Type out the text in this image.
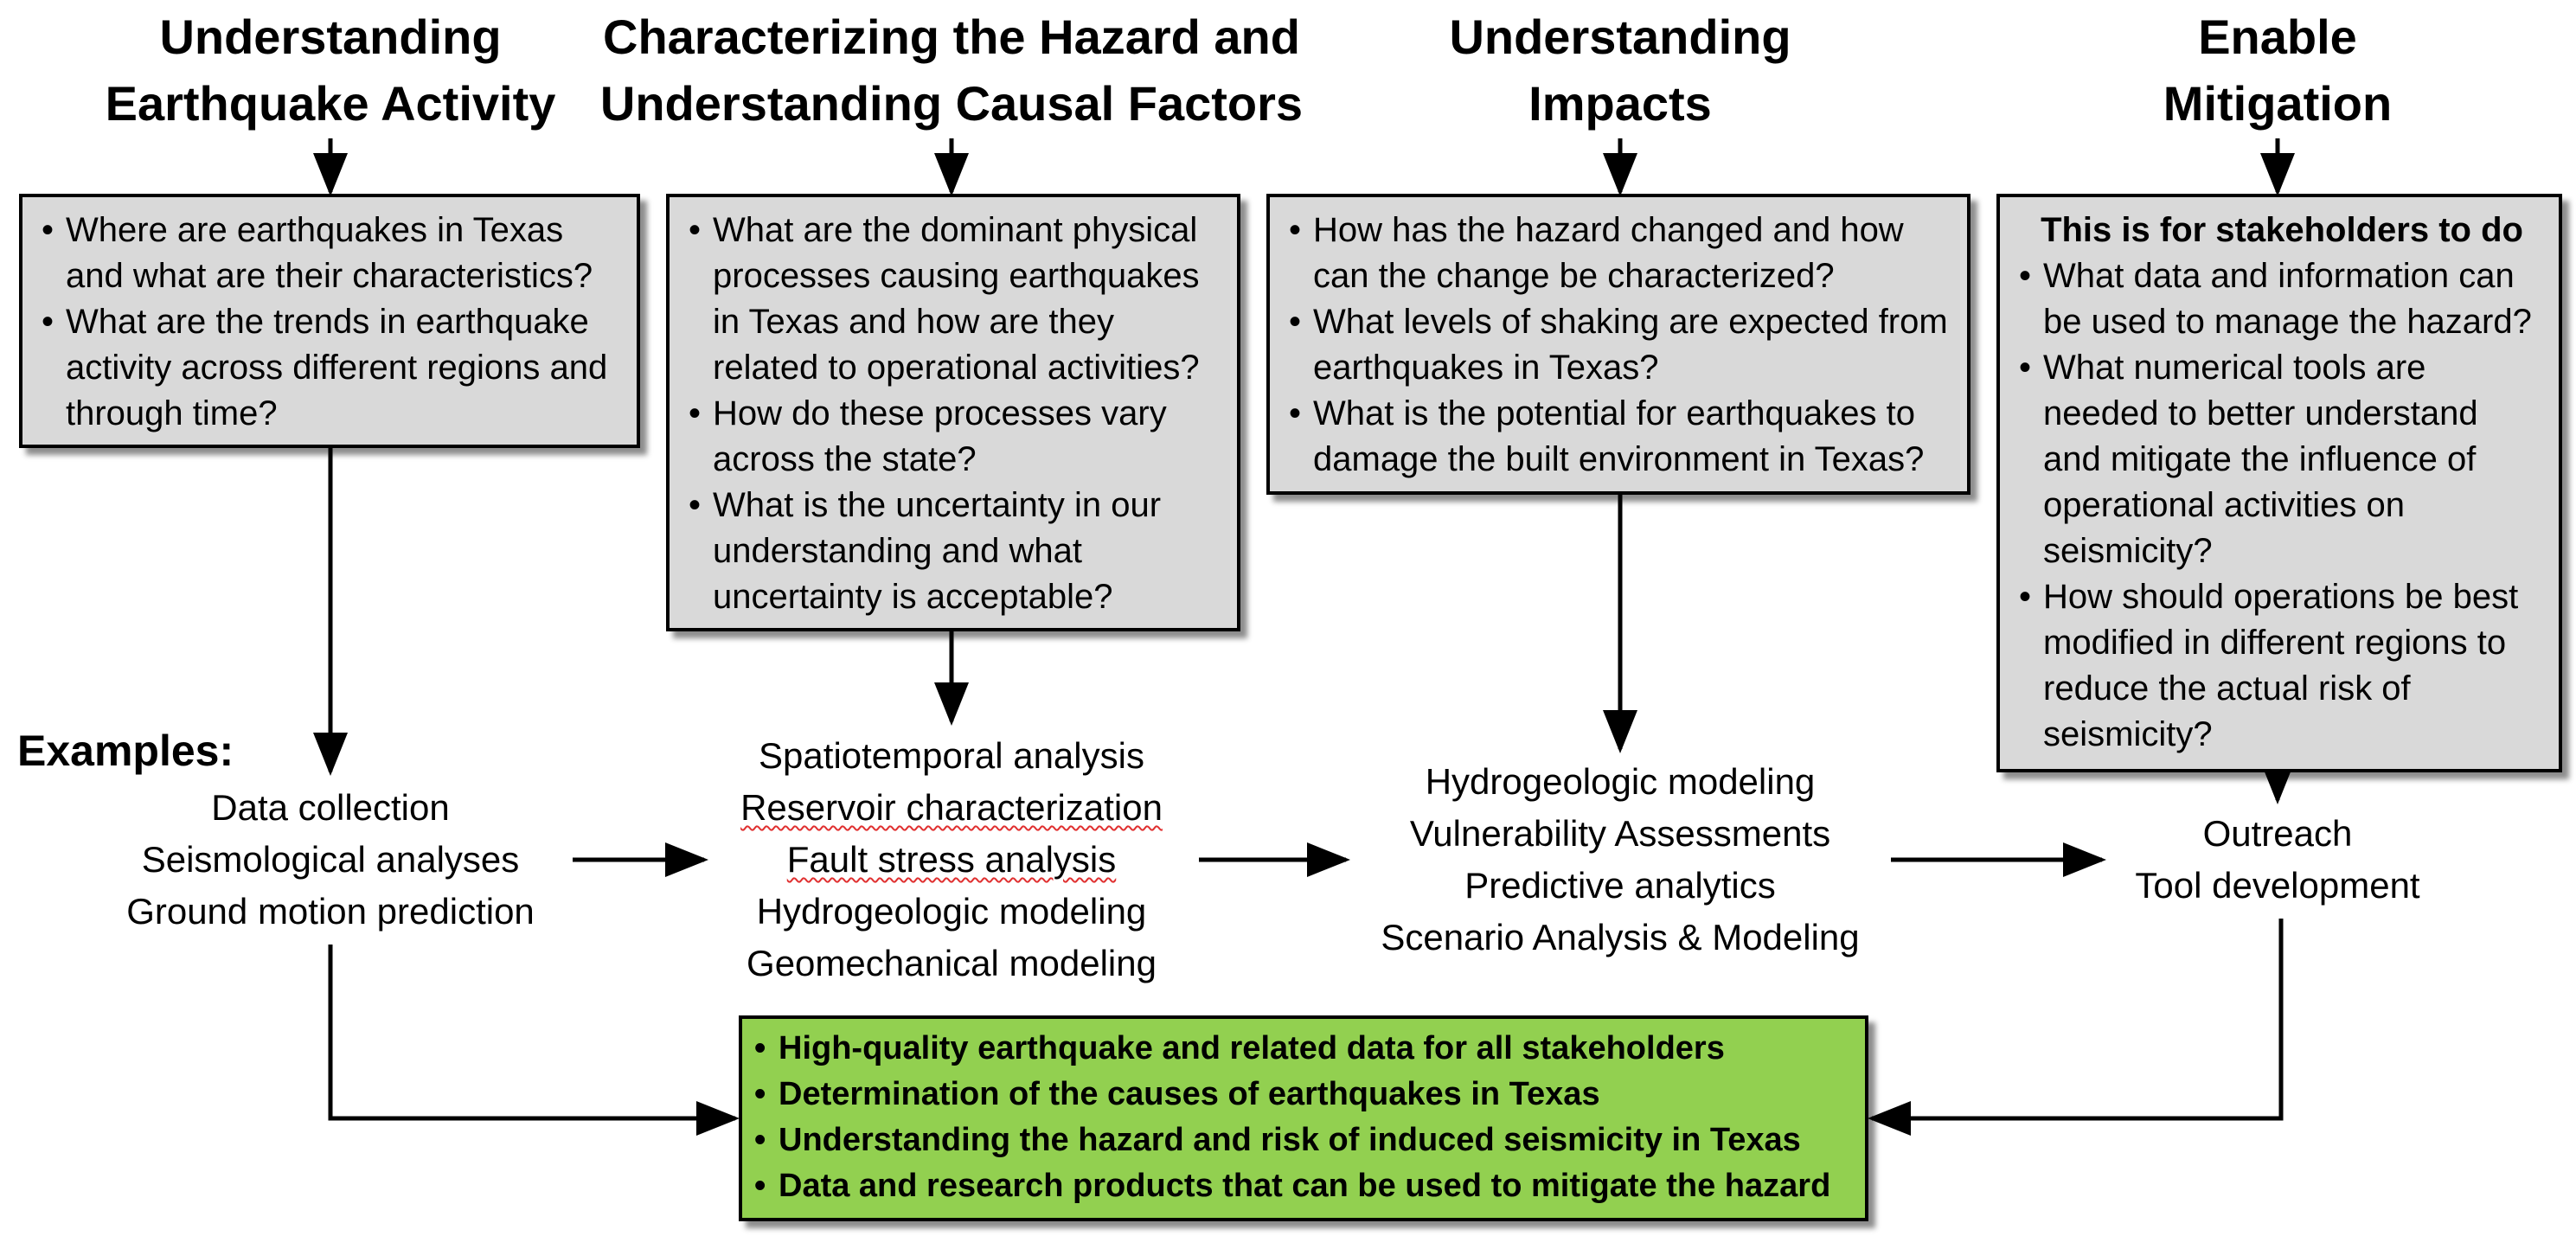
Understanding
Earthquake Activity
Characterizing the Hazard and
Understanding Causal Factors
Understanding
Impacts
Enable
Mitigation
• Where are earthquakes in Texas and what are their characteristics?
• What are the trends in earthquake activity across different regions and through time?
• What are the dominant physical processes causing earthquakes in Texas and how are they related to operational activities?
• How do these processes vary across the state?
• What is the uncertainty in our understanding and what uncertainty is acceptable?
• How has the hazard changed and how can the change be characterized?
• What levels of shaking are expected from earthquakes in Texas?
• What is the potential for earthquakes to damage the built environment in Texas?
This is for stakeholders to do
• What data and information can be used to manage the hazard?
• What numerical tools are needed to better understand and mitigate the influence of operational activities on seismicity?
• How should operations be best modified in different regions to reduce the actual risk of seismicity?
Examples:
Data collection
Seismological analyses
Ground motion prediction
Spatiotemporal analysis
Reservoir characterization
Fault stress analysis
Hydrogeologic modeling
Geomechanical modeling
Hydrogeologic modeling
Vulnerability Assessments
Predictive analytics
Scenario Analysis & Modeling
Outreach
Tool development
• High-quality earthquake and related data for all stakeholders
• Determination of the causes of earthquakes in Texas
• Understanding the hazard and risk of induced seismicity in Texas
• Data and research products that can be used to mitigate the hazard
